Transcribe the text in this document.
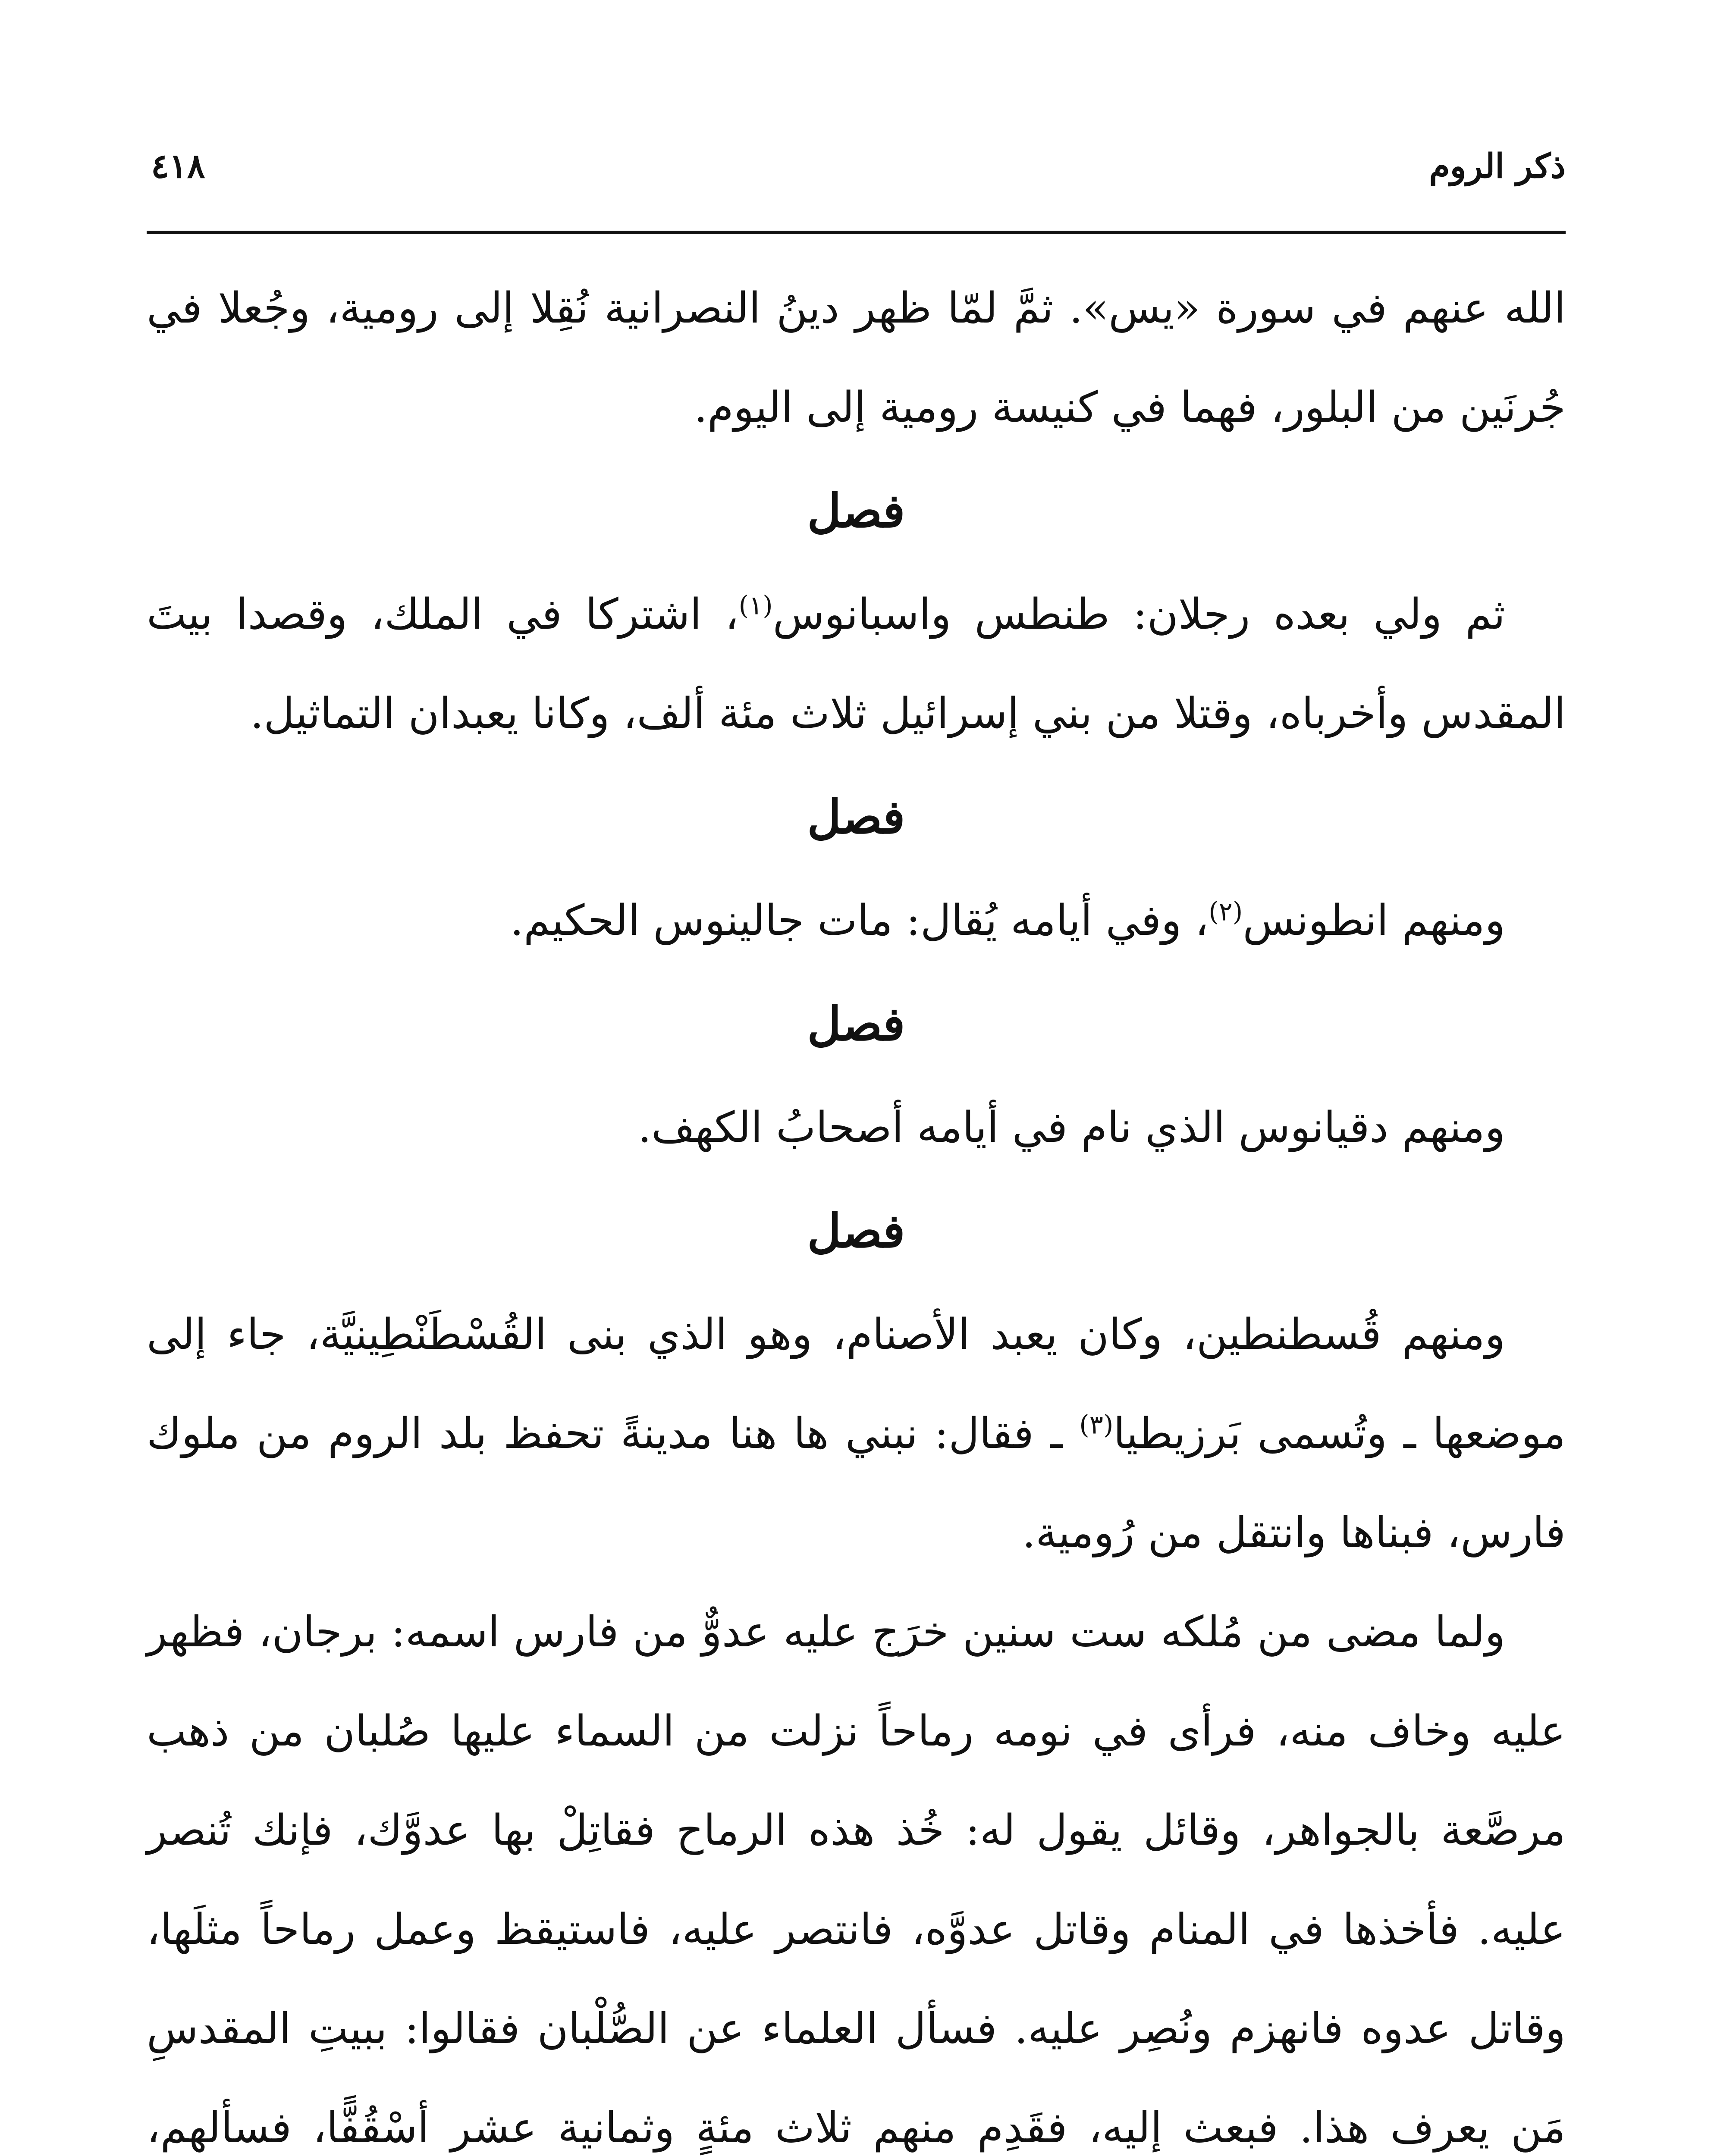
ذكر الروم
٤١٨

الله عنهم في سورة «يس». ثمَّ لمّا ظهر دينُ النصرانية نُقِلا إلى رومية، وجُعلا في جُرنَين من البلور، فهما في كنيسة رومية إلى اليوم.

فصل

ثم ولي بعده رجلان: طنطس واسبانوس$^{(١)}$، اشتركا في الملك، وقصدا بيتَ المقدس وأخرباه، وقتلا من بني إسرائيل ثلاث مئة ألف، وكانا يعبدان التماثيل.

فصل

ومنهم انطونس$^{(٢)}$، وفي أيامه يُقال: مات جالينوس الحكيم.

فصل

ومنهم دقيانوس الذي نام في أيامه أصحابُ الكهف.

فصل

ومنهم قُسطنطين، وكان يعبد الأصنام، وهو الذي بنى القُسْطَنْطِينيَّة، جاء إلى موضعها ـ وتُسمى بَرزيطيا$^{(٣)}$ ـ فقال: نبني ها هنا مدينةً تحفظ بلد الروم من ملوك فارس، فبناها وانتقل من رُومية.

ولما مضى من مُلكه ست سنين خرَج عليه عدوٌّ من فارس اسمه: برجان، فظهر عليه وخاف منه، فرأى في نومه رماحاً نزلت من السماء عليها صُلبان من ذهب مرصَّعة بالجواهر، وقائل يقول له: خُذ هذه الرماح فقاتِلْ بها عدوَّك، فإنك تُنصر عليه. فأخذها في المنام وقاتل عدوَّه، فانتصر عليه، فاستيقظ وعمل رماحاً مثلَها، وقاتل عدوه فانهزم ونُصِر عليه. فسأل العلماء عن الصُّلْبان فقالوا: ببيتِ المقدسِ مَن يعرف هذا. فبعث إليه، فقَدِم منهم ثلاث مئةٍ وثمانية عشر أسْقُفًّا، فسألهم،
